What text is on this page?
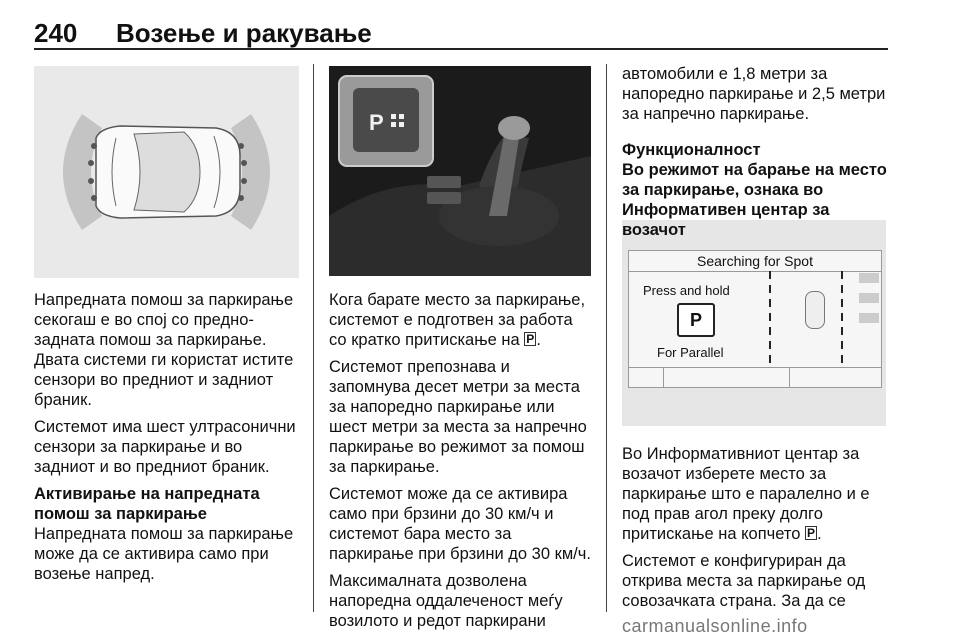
240 Возење и ракување
P
Searching for Spot
Press and hold
P
For Parallel

Напредната помош за паркирање секогаш е во спој со предно-задната помош за паркирање. Двата системи ги користат истите сензори во предниот и задниот браник.

Системот има шест ултрасонични сензори за паркирање и во задниот и во предниот браник.

Активирање на напредната помош за паркирање

Напредната помош за паркирање може да се активира само при возење напред.

Кога барате место за паркирање, системот е подготвен за работа со кратко притискање на P .

Системот препознава и запомнува десет метри за места за напоредно паркирање или шест метри за места за напречно паркирање во режимот за помош за паркирање.

Системот може да се активира само при брзини до 30 км/ч и системот бара место за паркирање при брзини до 30 км/ч.

Максималната дозволена напоредна оддалеченост меѓу возилото и редот паркирани

автомобили е 1,8 метри за напоредно паркирање и 2,5 метри за напречно паркирање.

Функционалност
Во режимот на барање на место за паркирање, ознака во Информативен центар за возачот

Во Информативниот центар за возачот изберете место за паркирање што е паралелно и е под прав агол преку долго притискање на копчето P .

Системот е конфигуриран да открива места за паркирање од совозачката страна. За да се

carmanualsonline.info
